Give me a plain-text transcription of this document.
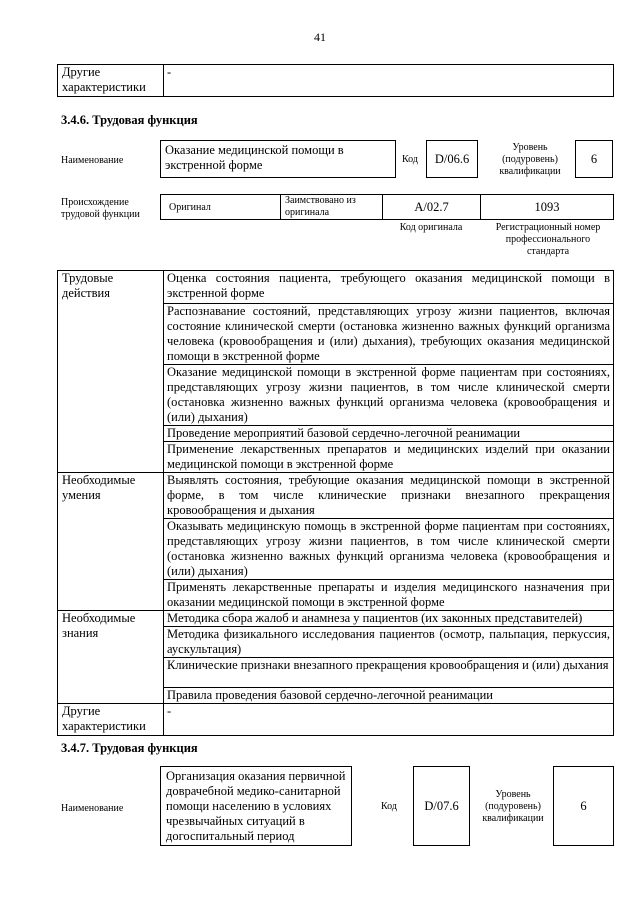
41
Другие характеристики	-
3.4.6. Трудовая функция
Наименование
Оказание медицинской помощи в экстренной форме	Код D/06.6
Уровень (подуровень) квалификации
6
Происхождение трудовой функции
Оригинал
Заимствовано из оригинала	A/02.7	1093
Код оригинала	Регистрационный номер профессионального стандарта
Трудовые действия	Оценка состояния пациента, требующего оказания медицинской помощи в экстренной форме
	Распознавание состояний, представляющих угрозу жизни пациентов, включая состояние клинической смерти (остановка жизненно важных функций организма человека (кровообращения и (или) дыхания), требующих оказания медицинской помощи в экстренной форме
	Оказание медицинской помощи в экстренной форме пациентам при состояниях, представляющих угрозу жизни пациентов, в том числе клинической смерти (остановка жизненно важных функций организма человека (кровообращения и (или) дыхания)
	Проведение мероприятий базовой сердечно-легочной реанимации
	Применение лекарственных препаратов и медицинских изделий при оказании медицинской помощи в экстренной форме
Необходимые умения	Выявлять состояния, требующие оказания медицинской помощи в экстренной форме, в том числе клинические признаки внезапного прекращения кровообращения и дыхания
	Оказывать медицинскую помощь в экстренной форме пациентам при состояниях, представляющих угрозу жизни пациентов, в том числе клинической смерти (остановка жизненно важных функций организма человека (кровообращения и (или) дыхания)
	Применять лекарственные препараты и изделия медицинского назначения при оказании медицинской помощи в экстренной форме
Необходимые знания	Методика сбора жалоб и анамнеза у пациентов (их законных представителей)
	Методика физикального исследования пациентов (осмотр, пальпация, перкуссия, аускультация)
	Клинические признаки внезапного прекращения кровообращения и (или) дыхания
	Правила проведения базовой сердечно-легочной реанимации
Другие характеристики	-
3.4.7. Трудовая функция
Наименование
Организация оказания первичной доврачебной медико-санитарной помощи населению в условиях чрезвычайных ситуаций в догоспитальный период
Код D/07.6
Уровень (подуровень) квалификации
6
